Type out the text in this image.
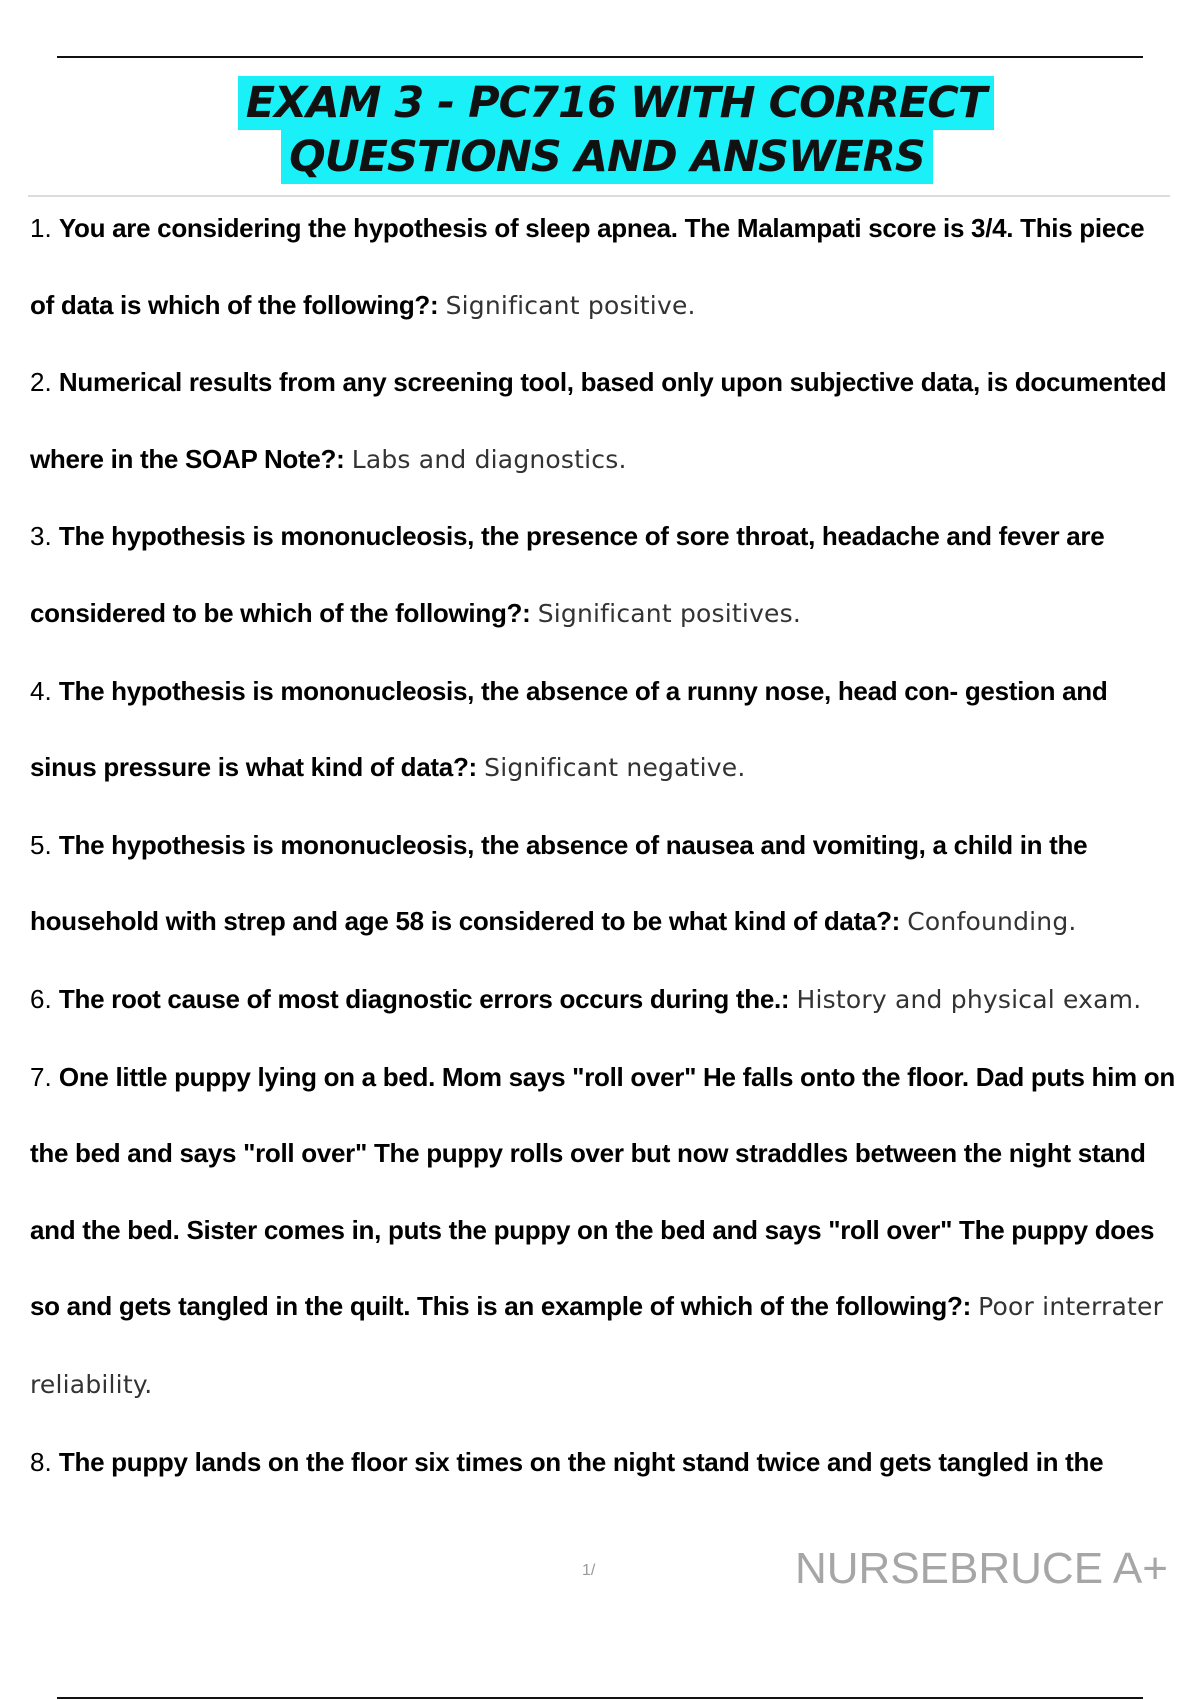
EXAM 3 - PC716 WITH CORRECT
QUESTIONS AND ANSWERS

1. You are considering the hypothesis of sleep apnea. The Malampati score is 3/4. This piece of data is which of the following?: Significant positive.

2. Numerical results from any screening tool, based only upon subjective data, is documented where in the SOAP Note?: Labs and diagnostics.

3. The hypothesis is mononucleosis, the presence of sore throat, headache and fever are considered to be which of the following?: Significant positives.

4. The hypothesis is mononucleosis, the absence of a runny nose, head con- gestion and sinus pressure is what kind of data?: Significant negative.

5. The hypothesis is mononucleosis, the absence of nausea and vomiting, a child in the household with strep and age 58 is considered to be what kind of data?: Confounding.

6. The root cause of most diagnostic errors occurs during the.: History and physical exam.

7. One little puppy lying on a bed. Mom says "roll over" He falls onto the floor. Dad puts him on the bed and says "roll over" The puppy rolls over but now straddles between the night stand and the bed. Sister comes in, puts the puppy on the bed and says "roll over" The puppy does so and gets tangled in the quilt. This is an example of which of the following?: Poor interrater reliability.

8. The puppy lands on the floor six times on the night stand twice and gets tangled in the

1/	NURSEBRUCE A+
